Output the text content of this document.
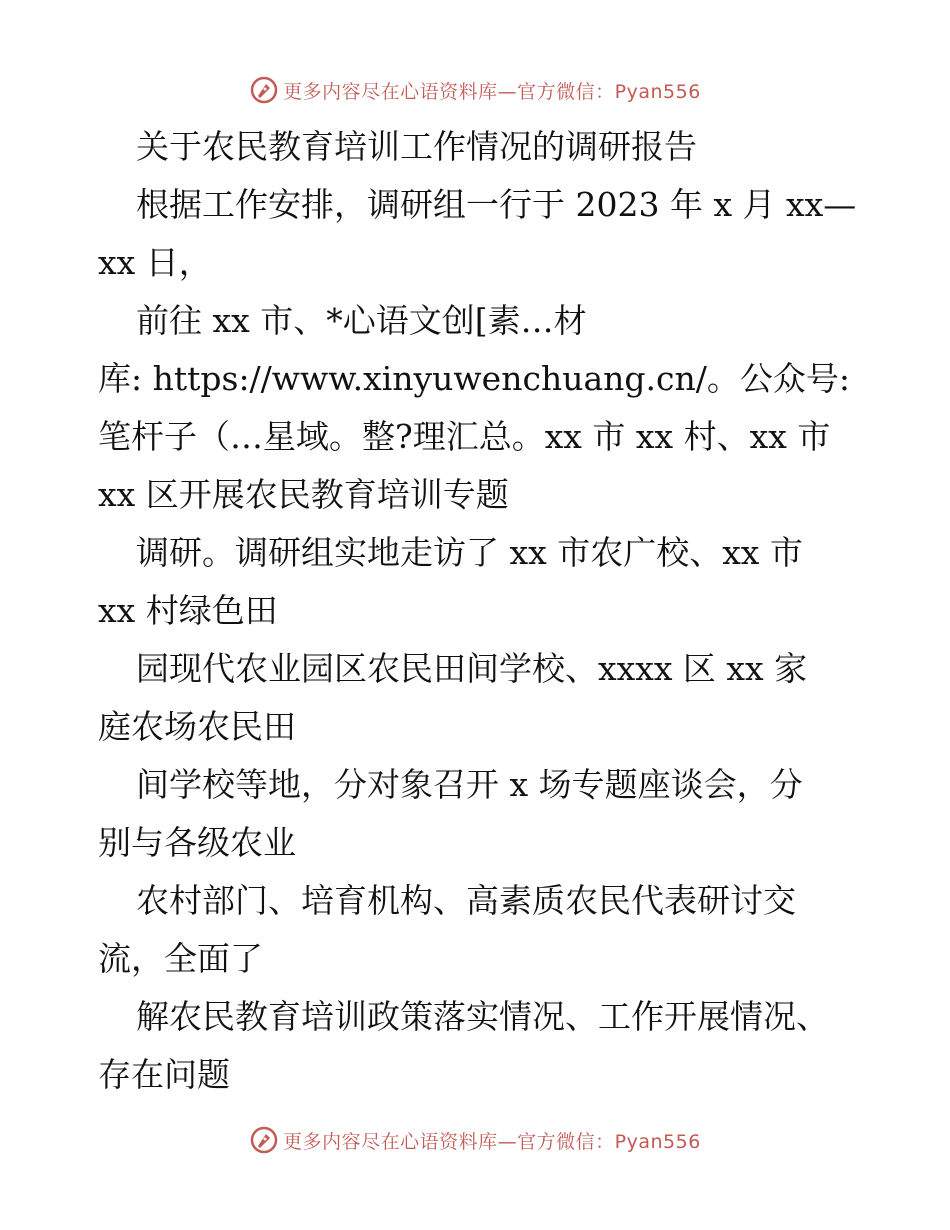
更多内容尽在心语资料库—官方微信：Pyan556
关于农民教育培训工作情况的调研报告
根据工作安排，调研组一行于 2023 年 x 月 xx—
xx 日，
前往 xx 市、*心语文创[素…材
库: https://www.xinyuwenchuang.cn/。公众号:
笔杆子（…星域。整?理汇总。xx 市 xx 村、xx 市
xx 区开展农民教育培训专题
调研。调研组实地走访了 xx 市农广校、xx 市
xx 村绿色田
园现代农业园区农民田间学校、xxxx 区 xx 家
庭农场农民田
间学校等地，分对象召开 x 场专题座谈会，分
别与各级农业
农村部门、培育机构、高素质农民代表研讨交
流，全面了
解农民教育培训政策落实情况、工作开展情况、
存在问题
更多内容尽在心语资料库—官方微信：Pyan556
